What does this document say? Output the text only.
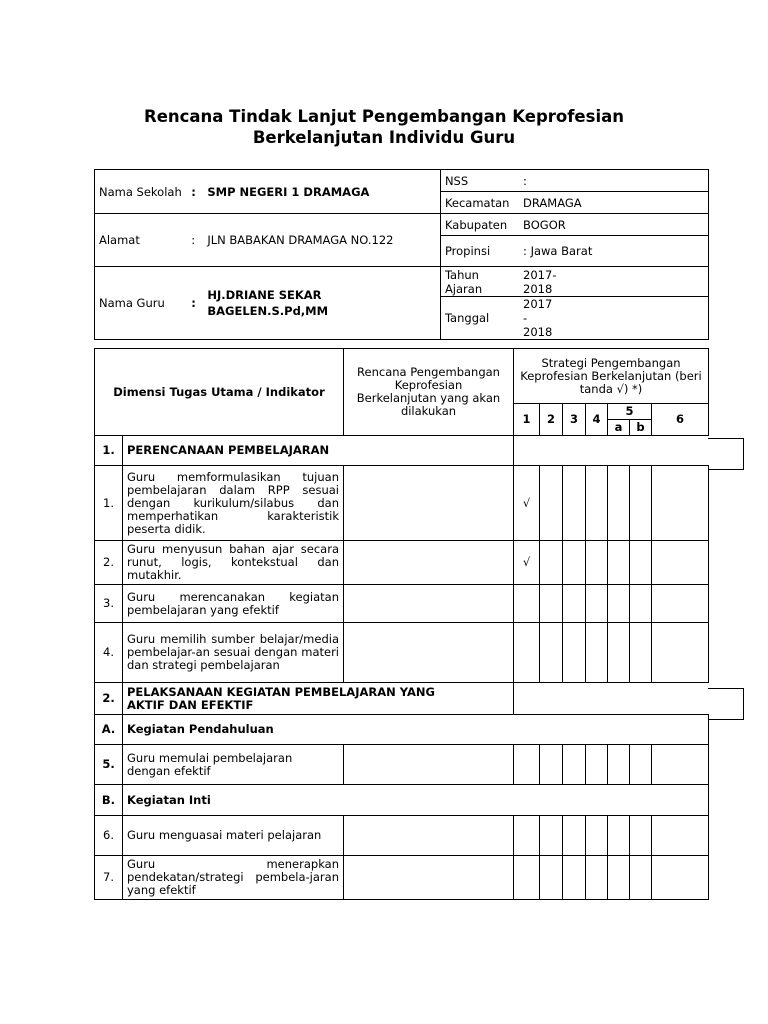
Rencana Tindak Lanjut Pengembangan Keprofesian
Berkelanjutan Individu Guru
Nama Sekolah	:	SMP NEGERI 1 DRAMAGA	NSS	:
			Kecamatan	DRAMAGA
Alamat	:	JLN BABAKAN DRAMAGA NO.122	Kabupaten	BOGOR
			Propinsi	: Jawa Barat
Nama Guru	:	HJ.DRIANE SEKAR BAGELEN.S.Pd,MM	Tahun Ajaran	2017-2018
			Tanggal	2017 - 2018
Dimensi Tugas Utama / Indikator		Rencana Pengembangan Keprofesian Berkelanjutan yang akan dilakukan	Strategi Pengembangan Keprofesian Berkelanjutan (beri tanda √) *)						
			1	2	3	4	5		6
							a	b	
1.	PERENCANAAN PEMBELAJARAN								
1.	Guru memformulasikan tujuan pembelajaran dalam RPP sesuai dengan kurikulum/silabus dan memperhatikan karakteristik peserta didik.		√						
2.	Guru menyusun bahan ajar secara runut, logis, kontekstual dan mutakhir.		√						
3.	Guru merencanakan kegiatan pembelajaran yang efektif								
4.	Guru memilih sumber belajar/media pembelajar-an sesuai dengan materi dan strategi pembelajaran								
2.	PELAKSANAAN KEGIATAN PEMBELAJARAN YANG AKTIF DAN EFEKTIF								
A.	Kegiatan Pendahuluan								
5.	Guru memulai pembelajaran dengan efektif								
B.	Kegiatan Inti								
6.	Guru menguasai materi pelajaran								
7.	Guru menerapkan pendekatan/strategi pembela-jaran yang efektif								
